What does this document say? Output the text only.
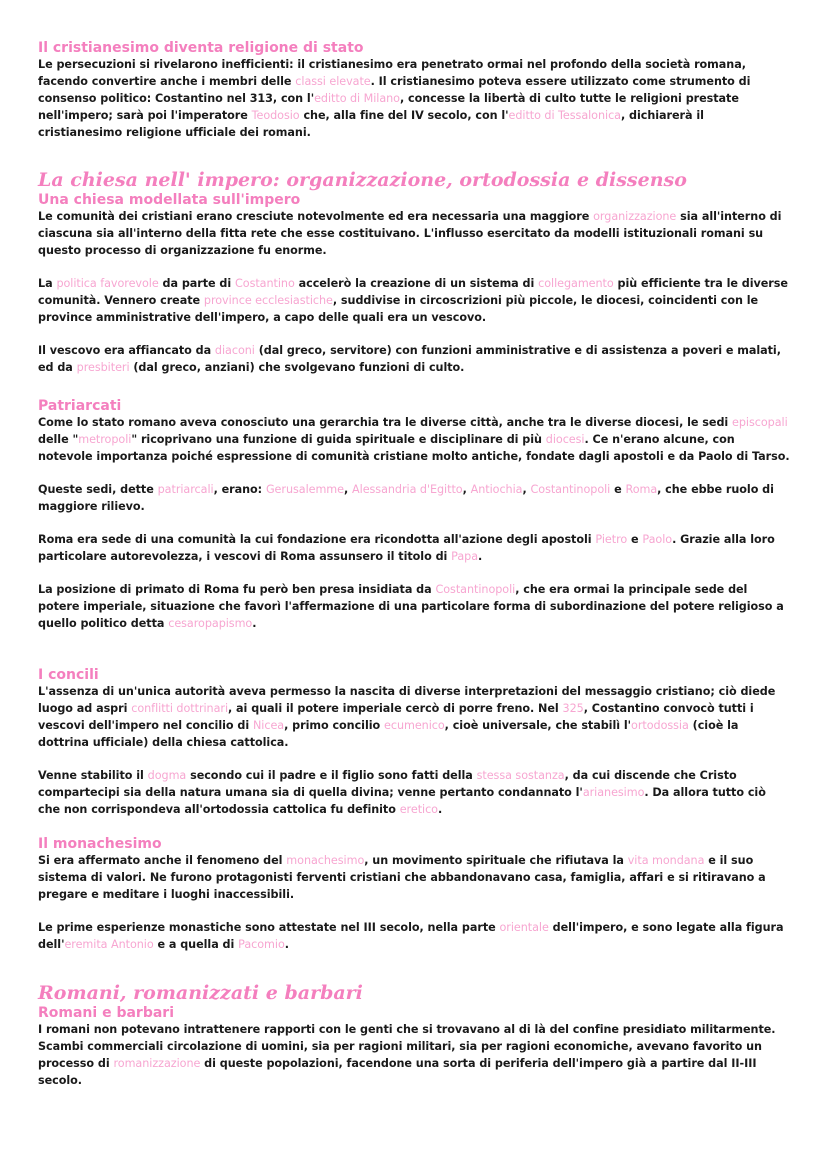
Il cristianesimo diventa religione di stato

Le persecuzioni si rivelarono inefficienti: il cristianesimo era penetrato ormai nel profondo della società romana, facendo convertire anche i membri delle classi elevate. Il cristianesimo poteva essere utilizzato come strumento di consenso politico: Costantino nel 313, con l'editto di Milano, concesse la libertà di culto tutte le religioni prestate nell'impero; sarà poi l'imperatore Teodosio che, alla fine del IV secolo, con l'editto di Tessalonica, dichiarerà il cristianesimo religione ufficiale dei romani.

La chiesa nell' impero: organizzazione, ortodossia e dissenso
Una chiesa modellata sull'impero

Le comunità dei cristiani erano cresciute notevolmente ed era necessaria una maggiore organizzazione sia all'interno di ciascuna sia all'interno della fitta rete che esse costituivano. L'influsso esercitato da modelli istituzionali romani su questo processo di organizzazione fu enorme.

La politica favorevole da parte di Costantino accelerò la creazione di un sistema di collegamento più efficiente tra le diverse comunità. Vennero create province ecclesiastiche, suddivise in circoscrizioni più piccole, le diocesi, coincidenti con le province amministrative dell'impero, a capo delle quali era un vescovo.

Il vescovo era affiancato da diaconi (dal greco, servitore) con funzioni amministrative e di assistenza a poveri e malati, ed da presbiteri (dal greco, anziani) che svolgevano funzioni di culto.

Patriarcati

Come lo stato romano aveva conosciuto una gerarchia tra le diverse città, anche tra le diverse diocesi, le sedi episcopali delle "metropoli" ricoprivano una funzione di guida spirituale e disciplinare di più diocesi. Ce n'erano alcune, con notevole importanza poiché espressione di comunità cristiane molto antiche, fondate dagli apostoli e da Paolo di Tarso.

Queste sedi, dette patriarcali, erano: Gerusalemme, Alessandria d'Egitto, Antiochia, Costantinopoli e Roma, che ebbe ruolo di maggiore rilievo.

Roma era sede di una comunità la cui fondazione era ricondotta all'azione degli apostoli Pietro e Paolo. Grazie alla loro particolare autorevolezza, i vescovi di Roma assunsero il titolo di Papa.

La posizione di primato di Roma fu però ben presa insidiata da Costantinopoli, che era ormai la principale sede del potere imperiale, situazione che favorì l'affermazione di una particolare forma di subordinazione del potere religioso a quello politico detta cesaropapismo.

I concili

L'assenza di un'unica autorità aveva permesso la nascita di diverse interpretazioni del messaggio cristiano; ciò diede luogo ad aspri conflitti dottrinari, ai quali il potere imperiale cercò di porre freno. Nel 325, Costantino convocò tutti i vescovi dell'impero nel concilio di Nicea, primo concilio ecumenico, cioè universale, che stabilì l'ortodossia (cioè la dottrina ufficiale) della chiesa cattolica.

Venne stabilito il dogma secondo cui il padre e il figlio sono fatti della stessa sostanza, da cui discende che Cristo compartecipi sia della natura umana sia di quella divina; venne pertanto condannato l'arianesimo. Da allora tutto ciò che non corrispondeva all'ortodossia cattolica fu definito eretico.

Il monachesimo

Si era affermato anche il fenomeno del monachesimo, un movimento spirituale che rifiutava la vita mondana e il suo sistema di valori. Ne furono protagonisti ferventi cristiani che abbandonavano casa, famiglia, affari e si ritiravano a pregare e meditare i luoghi inaccessibili.

Le prime esperienze monastiche sono attestate nel III secolo, nella parte orientale dell'impero, e sono legate alla figura dell'eremita Antonio e a quella di Pacomio.

Romani, romanizzati e barbari
Romani e barbari

I romani non potevano intrattenere rapporti con le genti che si trovavano al di là del confine presidiato militarmente. Scambi commerciali circolazione di uomini, sia per ragioni militari, sia per ragioni economiche, avevano favorito un processo di romanizzazione di queste popolazioni, facendone una sorta di periferia dell'impero già a partire dal II-III secolo.
